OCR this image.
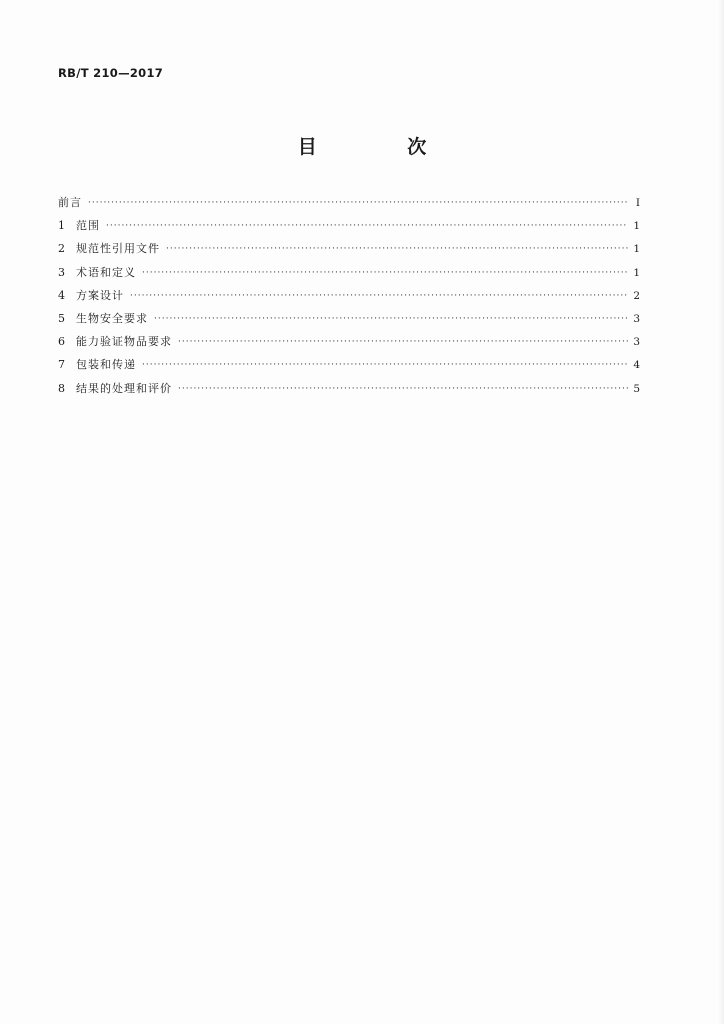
RB/T 210—2017
目 次
前言 ·····	Ⅰ
1	范围 ·····	1
2	规范性引用文件 ·····	1
3	术语和定义 ·····	1
4	方案设计 ·····	2
5	生物安全要求 ·····	3
6	能力验证物品要求 ·····	3
7	包装和传递 ·····	4
8	结果的处理和评价 ·····	5
